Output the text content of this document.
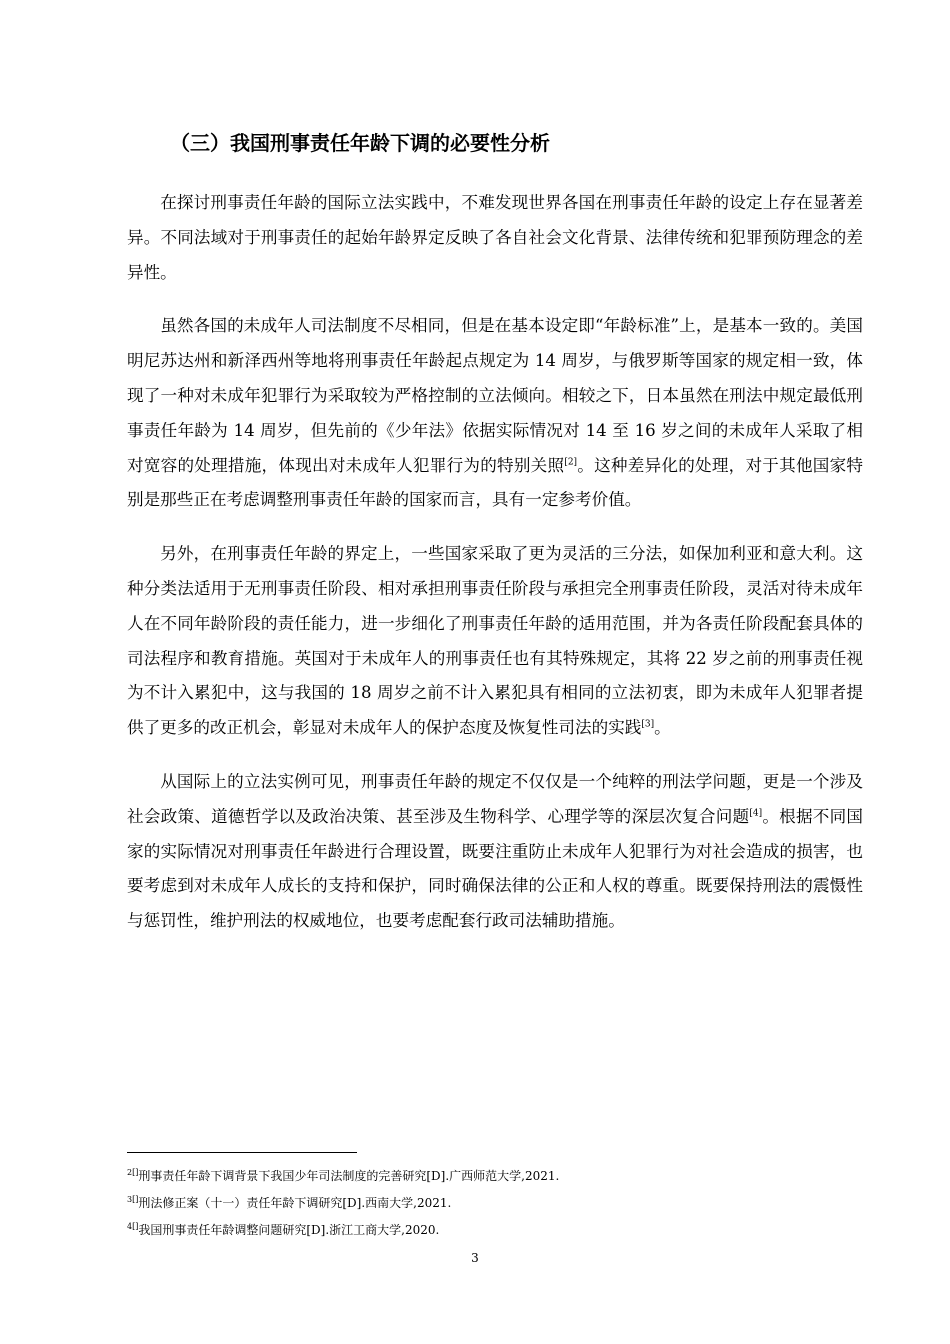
（三）我国刑事责任年龄下调的必要性分析

在探讨刑事责任年龄的国际立法实践中，不难发现世界各国在刑事责任年龄的设定上存在显著差异。不同法域对于刑事责任的起始年龄界定反映了各自社会文化背景、法律传统和犯罪预防理念的差异性。

虽然各国的未成年人司法制度不尽相同，但是在基本设定即“年龄标准”上，是基本一致的。美国明尼苏达州和新泽西州等地将刑事责任年龄起点规定为 14 周岁，与俄罗斯等国家的规定相一致，体现了一种对未成年犯罪行为采取较为严格控制的立法倾向。相较之下，日本虽然在刑法中规定最低刑事责任年龄为 14 周岁，但先前的《少年法》依据实际情况对 14 至 16 岁之间的未成年人采取了相对宽容的处理措施，体现出对未成年人犯罪行为的特别关照[2]。这种差异化的处理，对于其他国家特别是那些正在考虑调整刑事责任年龄的国家而言，具有一定参考价值。

另外，在刑事责任年龄的界定上，一些国家采取了更为灵活的三分法，如保加利亚和意大利。这种分类法适用于无刑事责任阶段、相对承担刑事责任阶段与承担完全刑事责任阶段，灵活对待未成年人在不同年龄阶段的责任能力，进一步细化了刑事责任年龄的适用范围，并为各责任阶段配套具体的司法程序和教育措施。英国对于未成年人的刑事责任也有其特殊规定，其将 22 岁之前的刑事责任视为不计入累犯中，这与我国的 18 周岁之前不计入累犯具有相同的立法初衷，即为未成年人犯罪者提供了更多的改正机会，彰显对未成年人的保护态度及恢复性司法的实践[3]。

从国际上的立法实例可见，刑事责任年龄的规定不仅仅是一个纯粹的刑法学问题，更是一个涉及社会政策、道德哲学以及政治决策、甚至涉及生物科学、心理学等的深层次复合问题[4]。根据不同国家的实际情况对刑事责任年龄进行合理设置，既要注重防止未成年人犯罪行为对社会造成的损害，也要考虑到对未成年人成长的支持和保护，同时确保法律的公正和人权的尊重。既要保持刑法的震慑性与惩罚性，维护刑法的权威地位，也要考虑配套行政司法辅助措施。

$^{2[]}$刑事责任年龄下调背景下我国少年司法制度的完善研究[D].广西师范大学,2021.
$^{3[]}$刑法修正案（十一）责任年龄下调研究[D].西南大学,2021.
$^{4[]}$我国刑事责任年龄调整问题研究[D].浙江工商大学,2020.
3
